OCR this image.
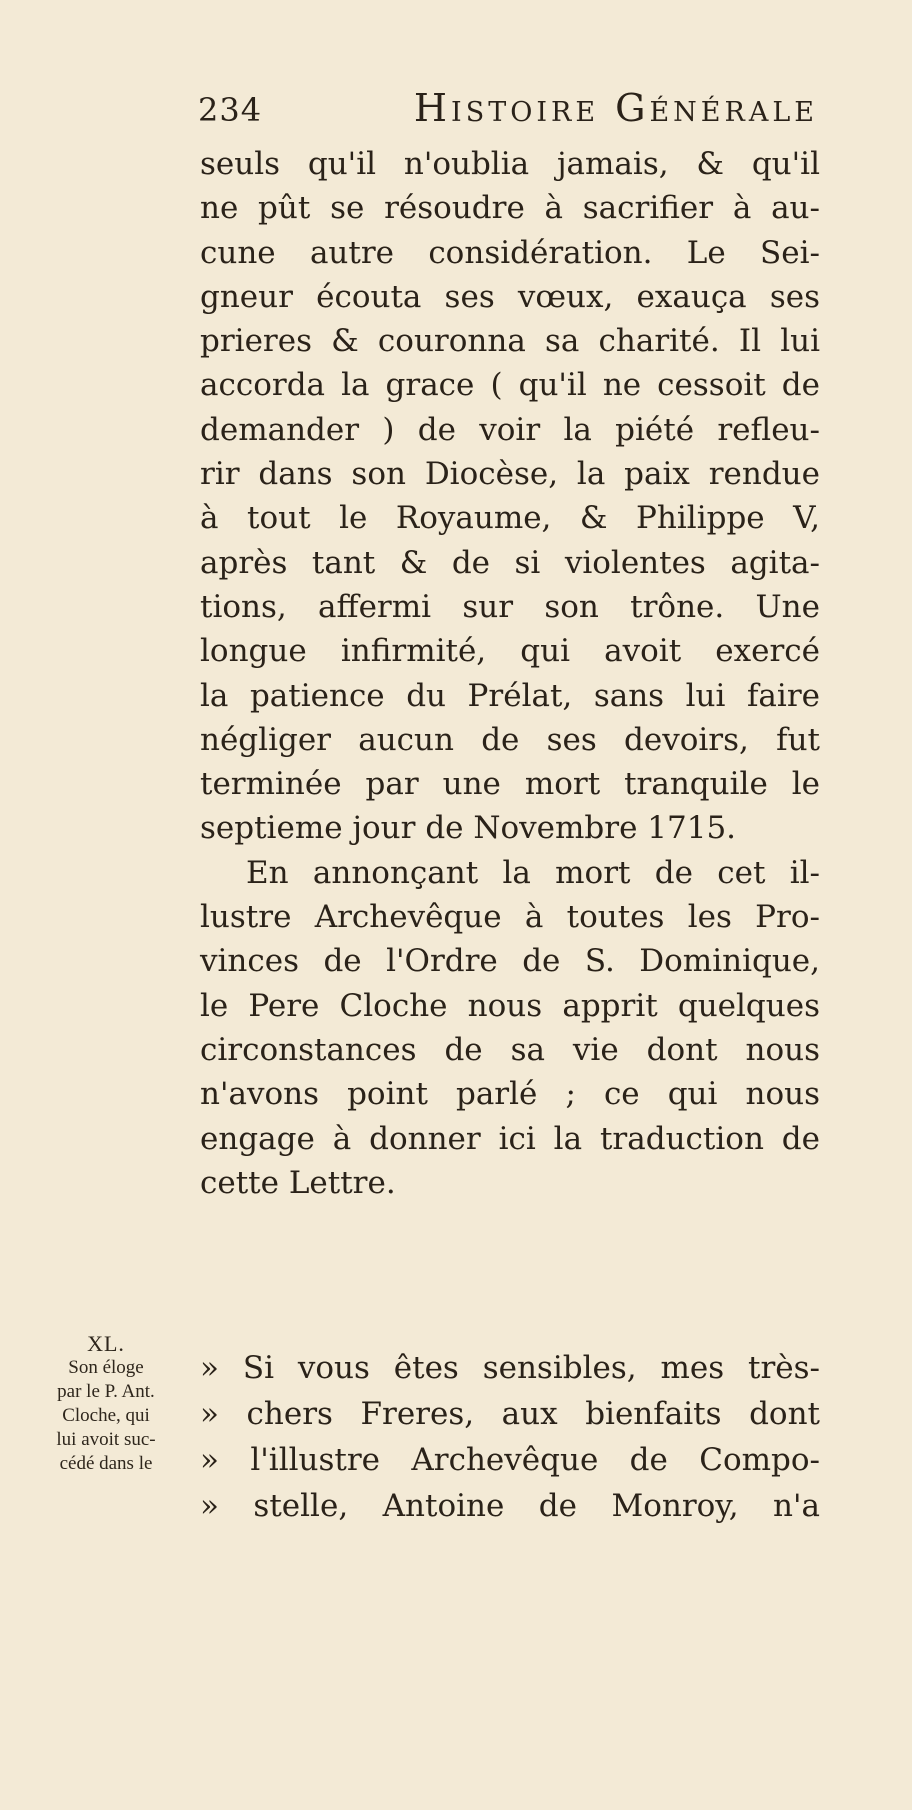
234	Histoire Générale
seuls qu'il n'oublia jamais, & qu'il
ne pût se résoudre à sacrifier à au-
cune autre considération. Le Sei-
gneur écouta ses vœux, exauça ses
prieres & couronna sa charité. Il lui
accorda la grace ( qu'il ne cessoit de
demander ) de voir la piété refleu-
rir dans son Diocèse, la paix rendue
à tout le Royaume, & Philippe V,
après tant & de si violentes agita-
tions, affermi sur son trône. Une
longue infirmité, qui avoit exercé
la patience du Prélat, sans lui faire
négliger aucun de ses devoirs, fut
terminée par une mort tranquile le
septieme jour de Novembre 1715.
En annonçant la mort de cet il-
lustre Archevêque à toutes les Pro-
vinces de l'Ordre de S. Dominique,
le Pere Cloche nous apprit quelques
circonstances de sa vie dont nous
n'avons point parlé ; ce qui nous
engage à donner ici la traduction de
cette Lettre.
XL.
Son éloge
par le P. Ant.
Cloche, qui
lui avoit suc-
cédé dans le
» Si vous êtes sensibles, mes très-
» chers Freres, aux bienfaits dont
» l'illustre Archevêque de Compo-
» stelle, Antoine de Monroy, n'a
